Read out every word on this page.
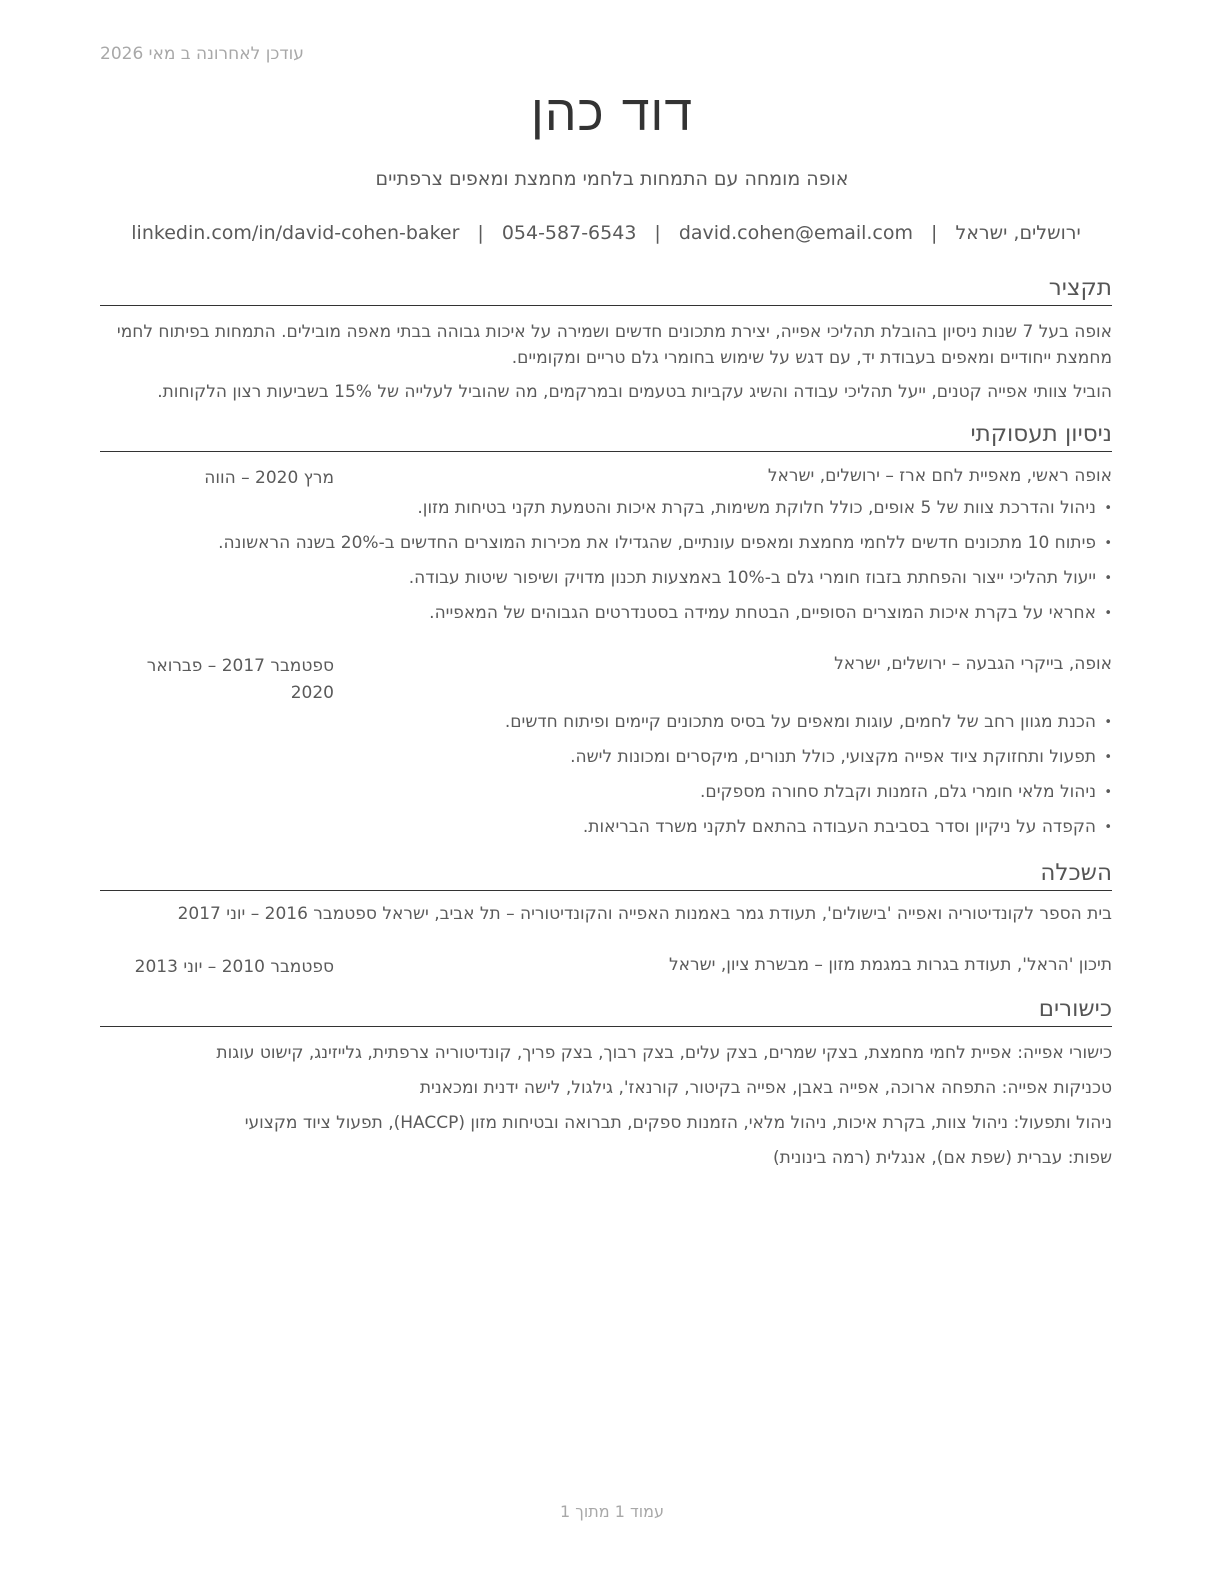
עודכן לאחרונה ב מאי 2026
דוד כהן
אופה מומחה עם התמחות בלחמי מחמצת ומאפים צרפתיים
ירושלים, ישראל
|
david.cohen@email.com
|
054-587-6543
|
linkedin.com/in/david-cohen-baker
תקציר
אופה בעל 7 שנות ניסיון בהובלת תהליכי אפייה, יצירת מתכונים חדשים ושמירה על איכות גבוהה בבתי מאפה מובילים. התמחות בפיתוח לחמי מחמצת ייחודיים ומאפים בעבודת יד, עם דגש על שימוש בחומרי גלם טריים ומקומיים.
הוביל צוותי אפייה קטנים, ייעל תהליכי עבודה והשיג עקביות בטעמים ובמרקמים, מה שהוביל לעלייה של 15% בשביעות רצון הלקוחות.
ניסיון תעסוקתי
אופה ראשי, מאפיית לחם ארז – ירושלים, ישראל
מרץ 2020 – הווה
• ניהול והדרכת צוות של 5 אופים, כולל חלוקת משימות, בקרת איכות והטמעת תקני בטיחות מזון.
• פיתוח 10 מתכונים חדשים ללחמי מחמצת ומאפים עונתיים, שהגדילו את מכירות המוצרים החדשים ב-20% בשנה הראשונה.
• ייעול תהליכי ייצור והפחתת בזבוז חומרי גלם ב-10% באמצעות תכנון מדויק ושיפור שיטות עבודה.
• אחראי על בקרת איכות המוצרים הסופיים, הבטחת עמידה בסטנדרטים הגבוהים של המאפייה.
אופה, בייקרי הגבעה – ירושלים, ישראל
ספטמבר 2017 – פברואר 2020
• הכנת מגוון רחב של לחמים, עוגות ומאפים על בסיס מתכונים קיימים ופיתוח חדשים.
• תפעול ותחזוקת ציוד אפייה מקצועי, כולל תנורים, מיקסרים ומכונות לישה.
• ניהול מלאי חומרי גלם, הזמנות וקבלת סחורה מספקים.
• הקפדה על ניקיון וסדר בסביבת העבודה בהתאם לתקני משרד הבריאות.
השכלה
בית הספר לקונדיטוריה ואפייה 'בישולים', תעודת גמר באמנות האפייה והקונדיטוריה – תל אביב, ישראל ספטמבר 2016 – יוני 2017
תיכון 'הראל', תעודת בגרות במגמת מזון – מבשרת ציון, ישראל
ספטמבר 2010 – יוני 2013
כישורים
כישורי אפייה: אפיית לחמי מחמצת, בצקי שמרים, בצק עלים, בצק רבוך, בצק פריך, קונדיטוריה צרפתית, גלייזינג, קישוט עוגות
טכניקות אפייה: התפחה ארוכה, אפייה באבן, אפייה בקיטור, קורנאז', גילגול, לישה ידנית ומכאנית
ניהול ותפעול: ניהול צוות, בקרת איכות, ניהול מלאי, הזמנות ספקים, תברואה ובטיחות מזון (HACCP), תפעול ציוד מקצועי
שפות: עברית (שפת אם), אנגלית (רמה בינונית)
עמוד 1 מתוך 1
